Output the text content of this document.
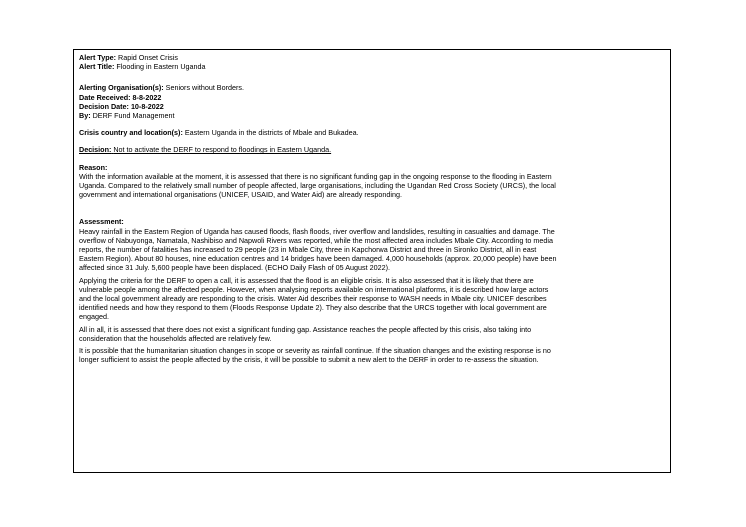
Alert Type: Rapid Onset Crisis
Alert Title: Flooding in Eastern Uganda
Alerting Organisation(s): Seniors without Borders.
Date Received: 8-8-2022
Decision Date: 10-8-2022
By: DERF Fund Management
Crisis country and location(s): Eastern Uganda in the districts of Mbale and Bukadea.
Decision: Not to activate the DERF to respond to floodings in Eastern Uganda.
Reason:
With the information available at the moment, it is assessed that there is no significant funding gap in the ongoing response to the flooding in Eastern
Uganda. Compared to the relatively small number of people affected, large organisations, including the Ugandan Red Cross Society (URCS), the local
government and international organisations (UNICEF, USAID, and Water Aid) are already responding.
Assessment:
Heavy rainfall in the Eastern Region of Uganda has caused floods, flash floods, river overflow and landslides, resulting in casualties and damage. The
overflow of Nabuyonga, Namatala, Nashibiso and Napwoli Rivers was reported, while the most affected area includes Mbale City. According to media
reports, the number of fatalities has increased to 29 people (23 in Mbale City, three in Kapchorwa District and three in Sironko District, all in east
Eastern Region). About 80 houses, nine education centres and 14 bridges have been damaged. 4,000 households (approx. 20,000 people) have been
affected since 31 July. 5,600 people have been displaced. (ECHO Daily Flash of 05 August 2022).
Applying the criteria for the DERF to open a call, it is assessed that the flood is an eligible crisis. It is also assessed that it is likely that there are
vulnerable people among the affected people. However, when analysing reports available on international platforms, it is described how large actors
and the local government already are responding to the crisis. Water Aid describes their response to WASH needs in Mbale city. UNICEF describes
identified needs and how they respond to them (Floods Response Update 2). They also describe that the URCS together with local government are
engaged.
All in all, it is assessed that there does not exist a significant funding gap. Assistance reaches the people affected by this crisis, also taking into
consideration that the households affected are relatively few.
It is possible that the humanitarian situation changes in scope or severity as rainfall continue. If the situation changes and the existing response is no
longer sufficient to assist the people affected by the crisis, it will be possible to submit a new alert to the DERF in order to re-assess the situation.
